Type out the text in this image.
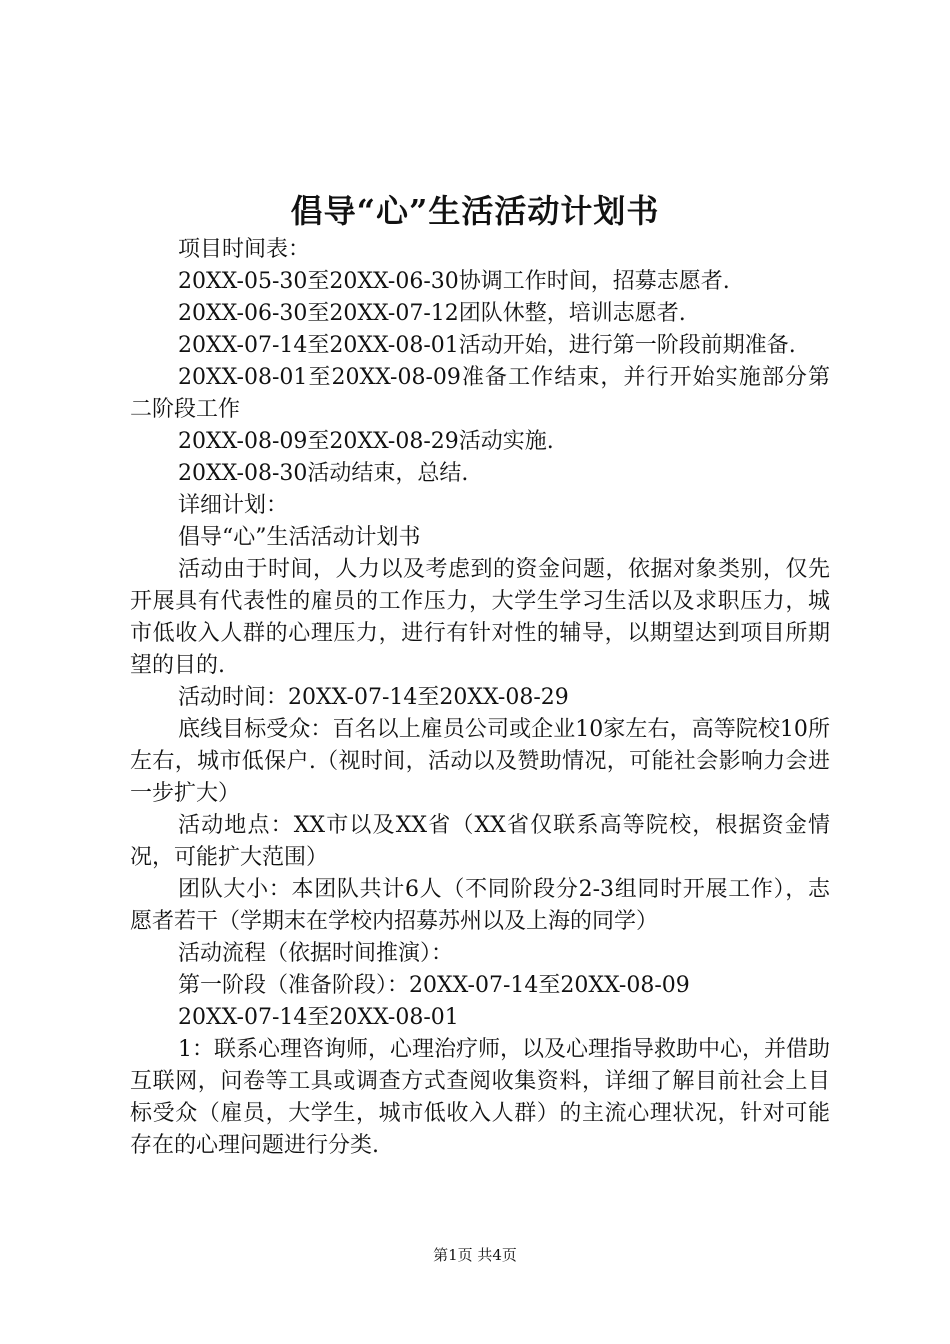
倡导“心”生活活动计划书

项目时间表：

20XX-05-30至20XX-06-30协调工作时间，招募志愿者.

20XX-06-30至20XX-07-12团队休整，培训志愿者.

20XX-07-14至20XX-08-01活动开始，进行第一阶段前期准备.

20XX-08-01至20XX-08-09准备工作结束，并行开始实施部分第二阶段工作

20XX-08-09至20XX-08-29活动实施.

20XX-08-30活动结束，总结.

详细计划：

倡导“心”生活活动计划书

活动由于时间，人力以及考虑到的资金问题，依据对象类别，仅先开展具有代表性的雇员的工作压力，大学生学习生活以及求职压力，城市低收入人群的心理压力，进行有针对性的辅导，以期望达到项目所期望的目的.

活动时间：20XX-07-14至20XX-08-29

底线目标受众：百名以上雇员公司或企业10家左右，高等院校10所左右，城市低保户.（视时间，活动以及赞助情况，可能社会影响力会进一步扩大）

活动地点：XX市以及XX省（XX省仅联系高等院校，根据资金情况，可能扩大范围）

团队大小：本团队共计6人（不同阶段分2-3组同时开展工作），志愿者若干（学期末在学校内招募苏州以及上海的同学）

活动流程（依据时间推演）：

第一阶段（准备阶段）：20XX-07-14至20XX-08-09

20XX-07-14至20XX-08-01

1：联系心理咨询师，心理治疗师，以及心理指导救助中心，并借助互联网，问卷等工具或调查方式查阅收集资料，详细了解目前社会上目标受众（雇员，大学生，城市低收入人群）的主流心理状况，针对可能存在的心理问题进行分类.

第1页 共4页
